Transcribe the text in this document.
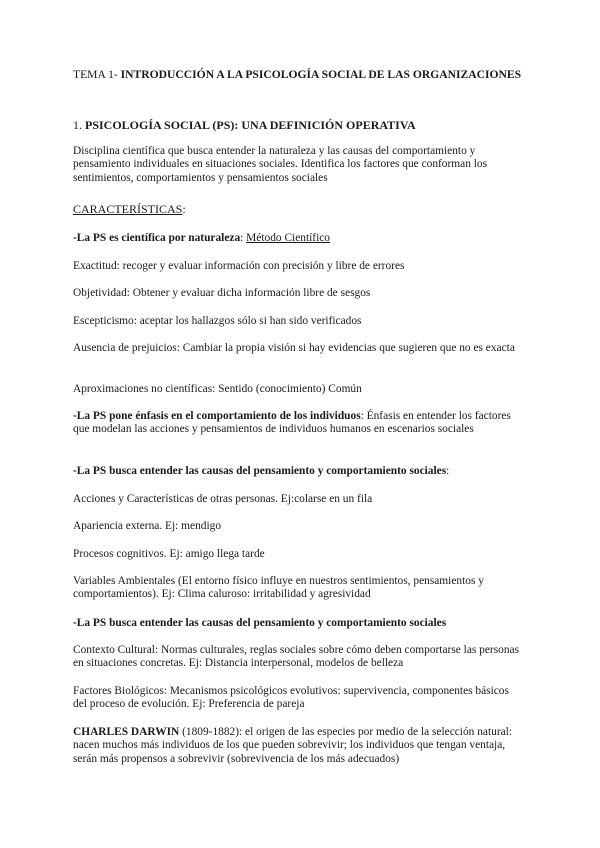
TEMA 1- INTRODUCCIÓN A LA PSICOLOGÍA SOCIAL DE LAS ORGANIZACIONES

1. PSICOLOGÍA SOCIAL (PS): UNA DEFINICIÓN OPERATIVA

Disciplina científica que busca entender la naturaleza y las causas del comportamiento y pensamiento individuales en situaciones sociales. Identifica los factores que conforman los sentimientos, comportamientos y pensamientos sociales

CARACTERÍSTICAS:

-La PS es científica por naturaleza: Método Científico

Exactitud: recoger y evaluar información con precisión y libre de errores

Objetividad: Obtener y evaluar dicha información libre de sesgos

Escepticismo: aceptar los hallazgos sólo si han sido verificados

Ausencia de prejuicios: Cambiar la propia visión si hay evidencias que sugieren que no es exacta

Aproximaciones no científicas: Sentido (conocimiento) Común

-La PS pone énfasis en el comportamiento de los individuos: Énfasis en entender los factores que modelan las acciones y pensamientos de individuos humanos en escenarios sociales

-La PS busca entender las causas del pensamiento y comportamiento sociales:

Acciones y Características de otras personas. Ej:colarse en un fila

Apariencia externa. Ej: mendigo

Procesos cognitivos. Ej: amigo llega tarde

Variables Ambientales (El entorno físico influye en nuestros sentimientos, pensamientos y comportamientos). Ej: Clima caluroso: irritabilidad y agresividad

-La PS busca entender las causas del pensamiento y comportamiento sociales

Contexto Cultural: Normas culturales, reglas sociales sobre cómo deben comportarse las personas en situaciones concretas. Ej: Distancia interpersonal, modelos de belleza

Factores Biológicos: Mecanismos psicológicos evolutivos: supervivencia, componentes básicos del proceso de evolución. Ej: Preferencia de pareja

CHARLES DARWIN (1809-1882): el origen de las especies por medio de la selección natural: nacen muchos más individuos de los que pueden sobrevivir; los individuos que tengan ventaja, serán más propensos a sobrevivir (sobrevivencia de los más adecuados)
